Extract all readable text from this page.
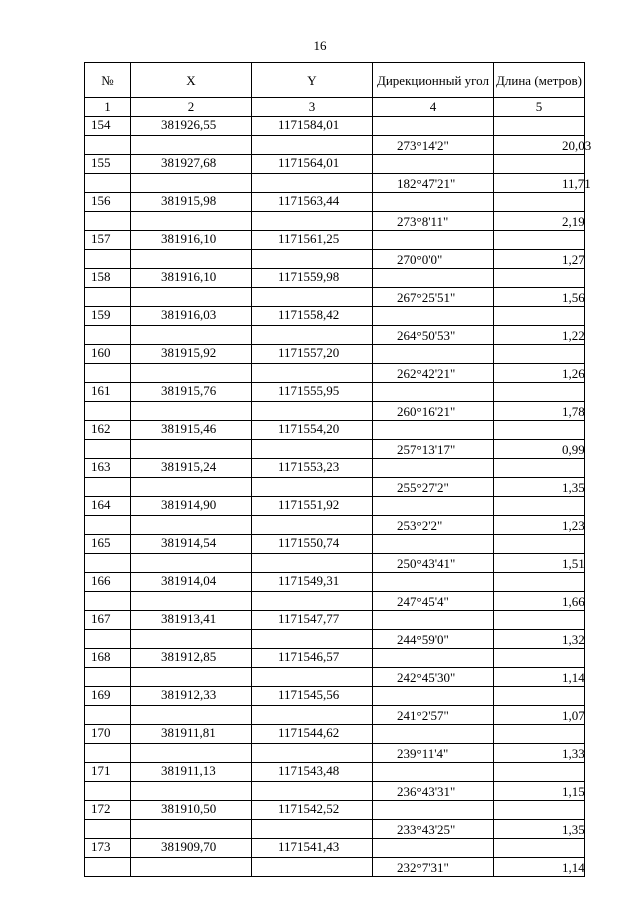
16
№	X	Y	Дирекционный угол	Длина (метров)
1	2	3	4	5
154	381926,55	1171584,01		
			273°14'2"	20,03
155	381927,68	1171564,01		
			182°47'21"	11,71
156	381915,98	1171563,44		
			273°8'11"	2,19
157	381916,10	1171561,25		
			270°0'0"	1,27
158	381916,10	1171559,98		
			267°25'51"	1,56
159	381916,03	1171558,42		
			264°50'53"	1,22
160	381915,92	1171557,20		
			262°42'21"	1,26
161	381915,76	1171555,95		
			260°16'21"	1,78
162	381915,46	1171554,20		
			257°13'17"	0,99
163	381915,24	1171553,23		
			255°27'2"	1,35
164	381914,90	1171551,92		
			253°2'2"	1,23
165	381914,54	1171550,74		
			250°43'41"	1,51
166	381914,04	1171549,31		
			247°45'4"	1,66
167	381913,41	1171547,77		
			244°59'0"	1,32
168	381912,85	1171546,57		
			242°45'30"	1,14
169	381912,33	1171545,56		
			241°2'57"	1,07
170	381911,81	1171544,62		
			239°11'4"	1,33
171	381911,13	1171543,48		
			236°43'31"	1,15
172	381910,50	1171542,52		
			233°43'25"	1,35
173	381909,70	1171541,43		
			232°7'31"	1,14
